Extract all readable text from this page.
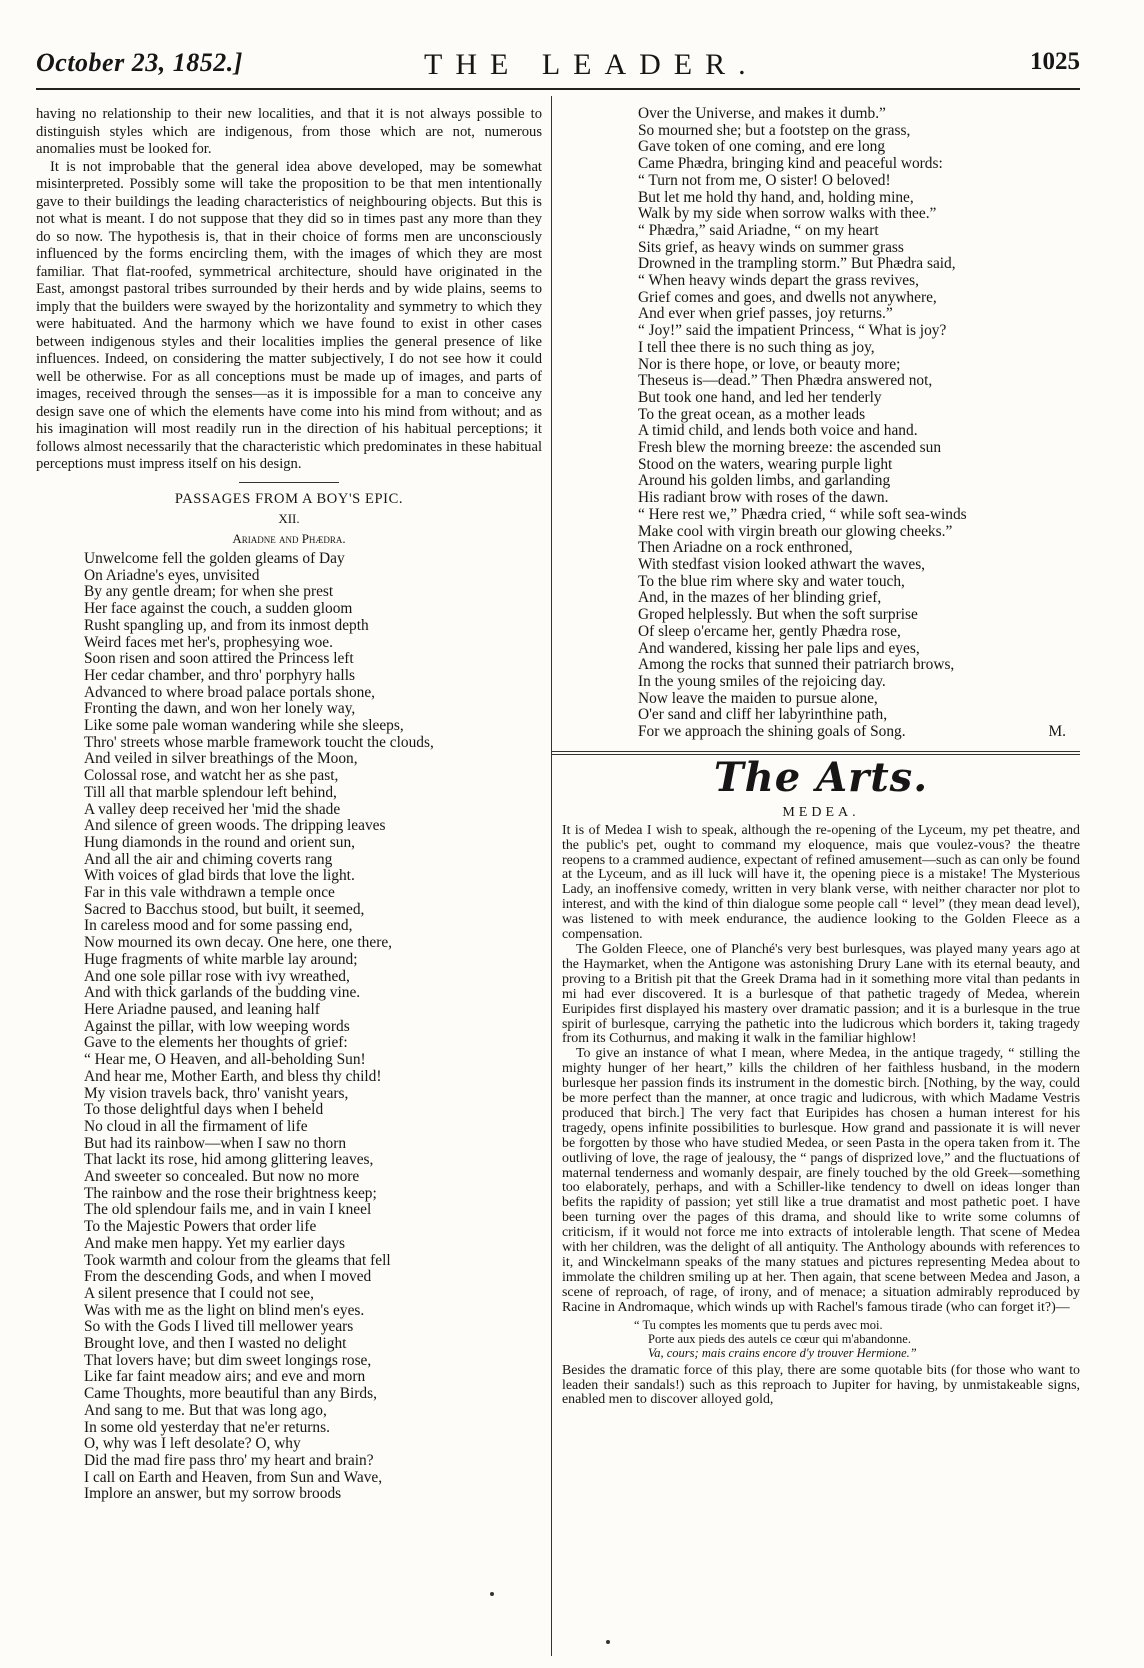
October 23, 1852.]	THE LEADER.	1025

having no relationship to their new localities, and that it is not always possible to distinguish styles which are indigenous, from those which are not, numerous anomalies must be looked for.

It is not improbable that the general idea above developed, may be somewhat misinterpreted. Possibly some will take the proposition to be that men intentionally gave to their buildings the leading characteristics of neighbouring objects. But this is not what is meant. I do not suppose that they did so in times past any more than they do so now. The hypothesis is, that in their choice of forms men are unconsciously influenced by the forms encircling them, with the images of which they are most familiar. That flat-roofed, symmetrical architecture, should have originated in the East, amongst pastoral tribes surrounded by their herds and by wide plains, seems to imply that the builders were swayed by the horizontality and symmetry to which they were habituated. And the harmony which we have found to exist in other cases between indigenous styles and their localities implies the general presence of like influences. Indeed, on considering the matter subjectively, I do not see how it could well be otherwise. For as all conceptions must be made up of images, and parts of images, received through the senses—as it is impossible for a man to conceive any design save one of which the elements have come into his mind from without; and as his imagination will most readily run in the direction of his habitual perceptions; it follows almost necessarily that the characteristic which predominates in these habitual perceptions must impress itself on his design.

PASSAGES FROM A BOY'S EPIC.

XII.

Ariadne and Phædra.

Unwelcome fell the golden gleams of Day
On Ariadne's eyes, unvisited
By any gentle dream; for when she prest
Her face against the couch, a sudden gloom
Rusht spangling up, and from its inmost depth
Weird faces met her's, prophesying woe.
Soon risen and soon attired the Princess left
Her cedar chamber, and thro' porphyry halls
Advanced to where broad palace portals shone,
Fronting the dawn, and won her lonely way,
Like some pale woman wandering while she sleeps,
Thro' streets whose marble framework toucht the clouds,
And veiled in silver breathings of the Moon,
Colossal rose, and watcht her as she past,
Till all that marble splendour left behind,
A valley deep received her 'mid the shade
And silence of green woods. The dripping leaves
Hung diamonds in the round and orient sun,
And all the air and chiming coverts rang
With voices of glad birds that love the light.
Far in this vale withdrawn a temple once
Sacred to Bacchus stood, but built, it seemed,
In careless mood and for some passing end,
Now mourned its own decay. One here, one there,
Huge fragments of white marble lay around;
And one sole pillar rose with ivy wreathed,
And with thick garlands of the budding vine.
Here Ariadne paused, and leaning half
Against the pillar, with low weeping words
Gave to the elements her thoughts of grief:
“ Hear me, O Heaven, and all-beholding Sun!
And hear me, Mother Earth, and bless thy child!
My vision travels back, thro' vanisht years,
To those delightful days when I beheld
No cloud in all the firmament of life
But had its rainbow—when I saw no thorn
That lackt its rose, hid among glittering leaves,
And sweeter so concealed. But now no more
The rainbow and the rose their brightness keep;
The old splendour fails me, and in vain I kneel
To the Majestic Powers that order life
And make men happy. Yet my earlier days
Took warmth and colour from the gleams that fell
From the descending Gods, and when I moved
A silent presence that I could not see,
Was with me as the light on blind men's eyes.
So with the Gods I lived till mellower years
Brought love, and then I wasted no delight
That lovers have; but dim sweet longings rose,
Like far faint meadow airs; and eve and morn
Came Thoughts, more beautiful than any Birds,
And sang to me. But that was long ago,
In some old yesterday that ne'er returns.
O, why was I left desolate? O, why
Did the mad fire pass thro' my heart and brain?
I call on Earth and Heaven, from Sun and Wave,
Implore an answer, but my sorrow broods
Over the Universe, and makes it dumb.”
So mourned she; but a footstep on the grass,
Gave token of one coming, and ere long
Came Phædra, bringing kind and peaceful words:
“ Turn not from me, O sister! O beloved!
But let me hold thy hand, and, holding mine,
Walk by my side when sorrow walks with thee.”
“ Phædra,” said Ariadne, “ on my heart
Sits grief, as heavy winds on summer grass
Drowned in the trampling storm.” But Phædra said,
“ When heavy winds depart the grass revives,
Grief comes and goes, and dwells not anywhere,
And ever when grief passes, joy returns.”
“ Joy!” said the impatient Princess, “ What is joy?
I tell thee there is no such thing as joy,
Nor is there hope, or love, or beauty more;
Theseus is—dead.” Then Phædra answered not,
But took one hand, and led her tenderly
To the great ocean, as a mother leads
A timid child, and lends both voice and hand.
Fresh blew the morning breeze: the ascended sun
Stood on the waters, wearing purple light
Around his golden limbs, and garlanding
His radiant brow with roses of the dawn.
“ Here rest we,” Phædra cried, “ while soft sea-winds
Make cool with virgin breath our glowing cheeks.”
Then Ariadne on a rock enthroned,
With stedfast vision looked athwart the waves,
To the blue rim where sky and water touch,
And, in the mazes of her blinding grief,
Groped helplessly. But when the soft surprise
Of sleep o'ercame her, gently Phædra rose,
And wandered, kissing her pale lips and eyes,
Among the rocks that sunned their patriarch brows,
In the young smiles of the rejoicing day.
Now leave the maiden to pursue alone,
O'er sand and cliff her labyrinthine path,
For we approach the shining goals of Song.	M.
The Arts.
MEDEA.

It is of Medea I wish to speak, although the re-opening of the Lyceum, my pet theatre, and the public's pet, ought to command my eloquence, mais que voulez-vous? the theatre reopens to a crammed audience, expectant of refined amusement—such as can only be found at the Lyceum, and as ill luck will have it, the opening piece is a mistake! The Mysterious Lady, an inoffensive comedy, written in very blank verse, with neither character nor plot to interest, and with the kind of thin dialogue some people call “ level” (they mean dead level), was listened to with meek endurance, the audience looking to the Golden Fleece as a compensation.

The Golden Fleece, one of Planché's very best burlesques, was played many years ago at the Haymarket, when the Antigone was astonishing Drury Lane with its eternal beauty, and proving to a British pit that the Greek Drama had in it something more vital than pedants in mi had ever discovered. It is a burlesque of that pathetic tragedy of Medea, wherein Euripides first displayed his mastery over dramatic passion; and it is a burlesque in the true spirit of burlesque, carrying the pathetic into the ludicrous which borders it, taking tragedy from its Cothurnus, and making it walk in the familiar highlow!

To give an instance of what I mean, where Medea, in the antique tragedy, “ stilling the mighty hunger of her heart,” kills the children of her faithless husband, in the modern burlesque her passion finds its instrument in the domestic birch. [Nothing, by the way, could be more perfect than the manner, at once tragic and ludicrous, with which Madame Vestris produced that birch.] The very fact that Euripides has chosen a human interest for his tragedy, opens infinite possibilities to burlesque. How grand and passionate it is will never be forgotten by those who have studied Medea, or seen Pasta in the opera taken from it. The outliving of love, the rage of jealousy, the “ pangs of disprized love,” and the fluctuations of maternal tenderness and womanly despair, are finely touched by the old Greek—something too elaborately, perhaps, and with a Schiller-like tendency to dwell on ideas longer than befits the rapidity of passion; yet still like a true dramatist and most pathetic poet. I have been turning over the pages of this drama, and should like to write some columns of criticism, if it would not force me into extracts of intolerable length. That scene of Medea with her children, was the delight of all antiquity. The Anthology abounds with references to it, and Winckelmann speaks of the many statues and pictures representing Medea about to immolate the children smiling up at her. Then again, that scene between Medea and Jason, a scene of reproach, of rage, of irony, and of menace; a situation admirably reproduced by Racine in Andromaque, which winds up with Rachel's famous tirade (who can forget it?)—

“ Tu comptes les moments que tu perds avec moi.
Porte aux pieds des autels ce cœur qui m'abandonne.
Va, cours; mais crains encore d'y trouver Hermione.”

Besides the dramatic force of this play, there are some quotable bits (for those who want to leaden their sandals!) such as this reproach to Jupiter for having, by unmistakeable signs, enabled men to discover alloyed gold,
